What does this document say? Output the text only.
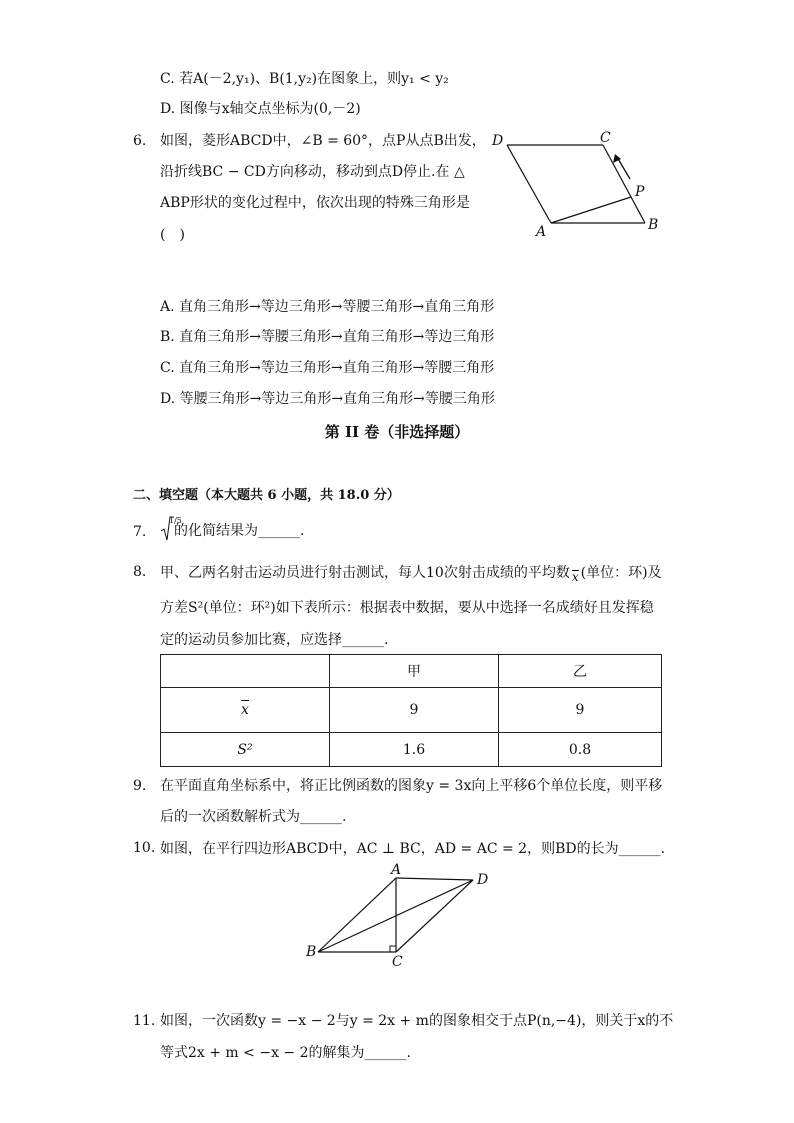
C. 若A(－2,y₁)、B(1,y₂)在图象上，则y₁ < y₂
D. 图像与x轴交点坐标为(0,－2)
6. 如图，菱形ABCD中，∠B = 60°，点P从点B出发，
沿折线BC − CD方向移动，移动到点D停止.在 △
ABP形状的变化过程中，依次出现的特殊三角形是
(　)
D	C
P
A	B
A. 直角三角形→等边三角形→等腰三角形→直角三角形
B. 直角三角形→等腰三角形→直角三角形→等边三角形
C. 直角三角形→等边三角形→直角三角形→等腰三角形
D. 等腰三角形→等边三角形→直角三角形→等腰三角形
第 II 卷（非选择题）
二、填空题（本大题共 6 小题，共 18.0 分）
7.
1/5
的化简结果为______.
8. 甲、乙两名射击运动员进行射击测试，每人10次射击成绩的平均数 x (单位：环)及
方差S²(单位：环²)如下表所示：根据表中数据，要从中选择一名成绩好且发挥稳
定的运动员参加比赛，应选择______.
	甲	乙
x	9	9
S²	1.6	0.8
9. 在平面直角坐标系中，将正比例函数的图象y = 3x向上平移6个单位长度，则平移
后的一次函数解析式为______.
10. 如图，在平行四边形ABCD中，AC ⊥ BC，AD = AC = 2，则BD的长为______.
A
D
B
C
11. 如图，一次函数y = −x − 2与y = 2x + m的图象相交于点P(n,−4)，则关于x的不
等式2x + m < −x − 2的解集为______.
